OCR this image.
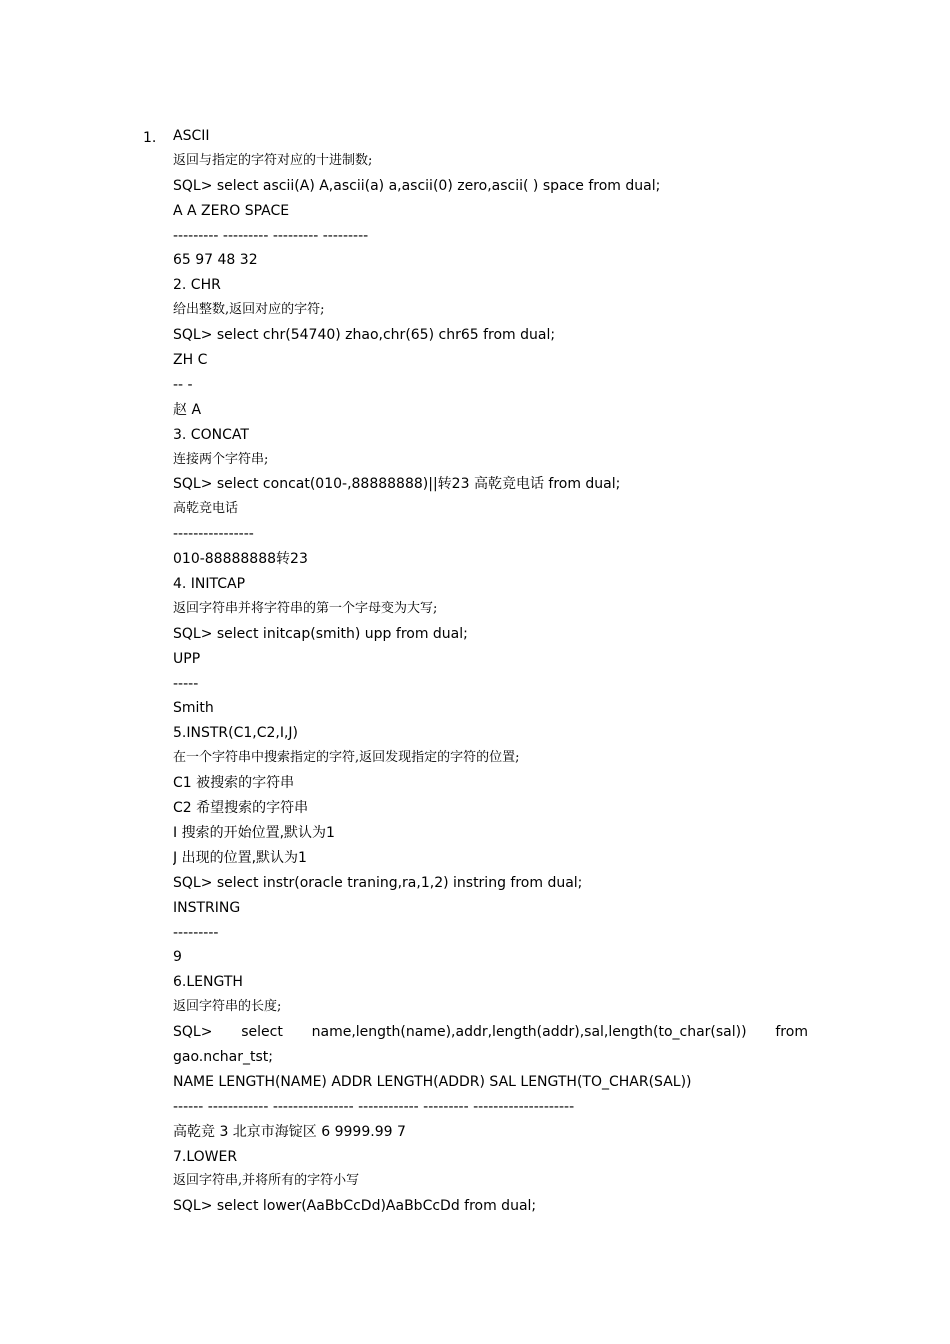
1. ASCII
返回与指定的字符对应的十进制数;
SQL> select ascii(A) A,ascii(a) a,ascii(0) zero,ascii( ) space from dual;
A A ZERO SPACE
--------- --------- --------- ---------
65 97 48 32
2. CHR
给出整数,返回对应的字符;
SQL> select chr(54740) zhao,chr(65) chr65 from dual;
ZH C
-- -
赵 A
3. CONCAT
连接两个字符串;
SQL> select concat(010-,88888888)||转23 高乾竞电话 from dual;
高乾竞电话
----------------
010-88888888转23
4. INITCAP
返回字符串并将字符串的第一个字母变为大写;
SQL> select initcap(smith) upp from dual;
UPP
-----
Smith
5.INSTR(C1,C2,I,J)
在一个字符串中搜索指定的字符,返回发现指定的字符的位置;
C1 被搜索的字符串
C2 希望搜索的字符串
I 搜索的开始位置,默认为1
J 出现的位置,默认为1
SQL> select instr(oracle traning,ra,1,2) instring from dual;
INSTRING
---------
9
6.LENGTH
返回字符串的长度;
SQL> select name,length(name),addr,length(addr),sal,length(to_char(sal)) from
gao.nchar_tst;
NAME LENGTH(NAME) ADDR LENGTH(ADDR) SAL LENGTH(TO_CHAR(SAL))
------ ------------ ---------------- ------------ --------- --------------------
高乾竞 3 北京市海锭区 6 9999.99 7
7.LOWER
返回字符串,并将所有的字符小写
SQL> select lower(AaBbCcDd)AaBbCcDd from dual;
